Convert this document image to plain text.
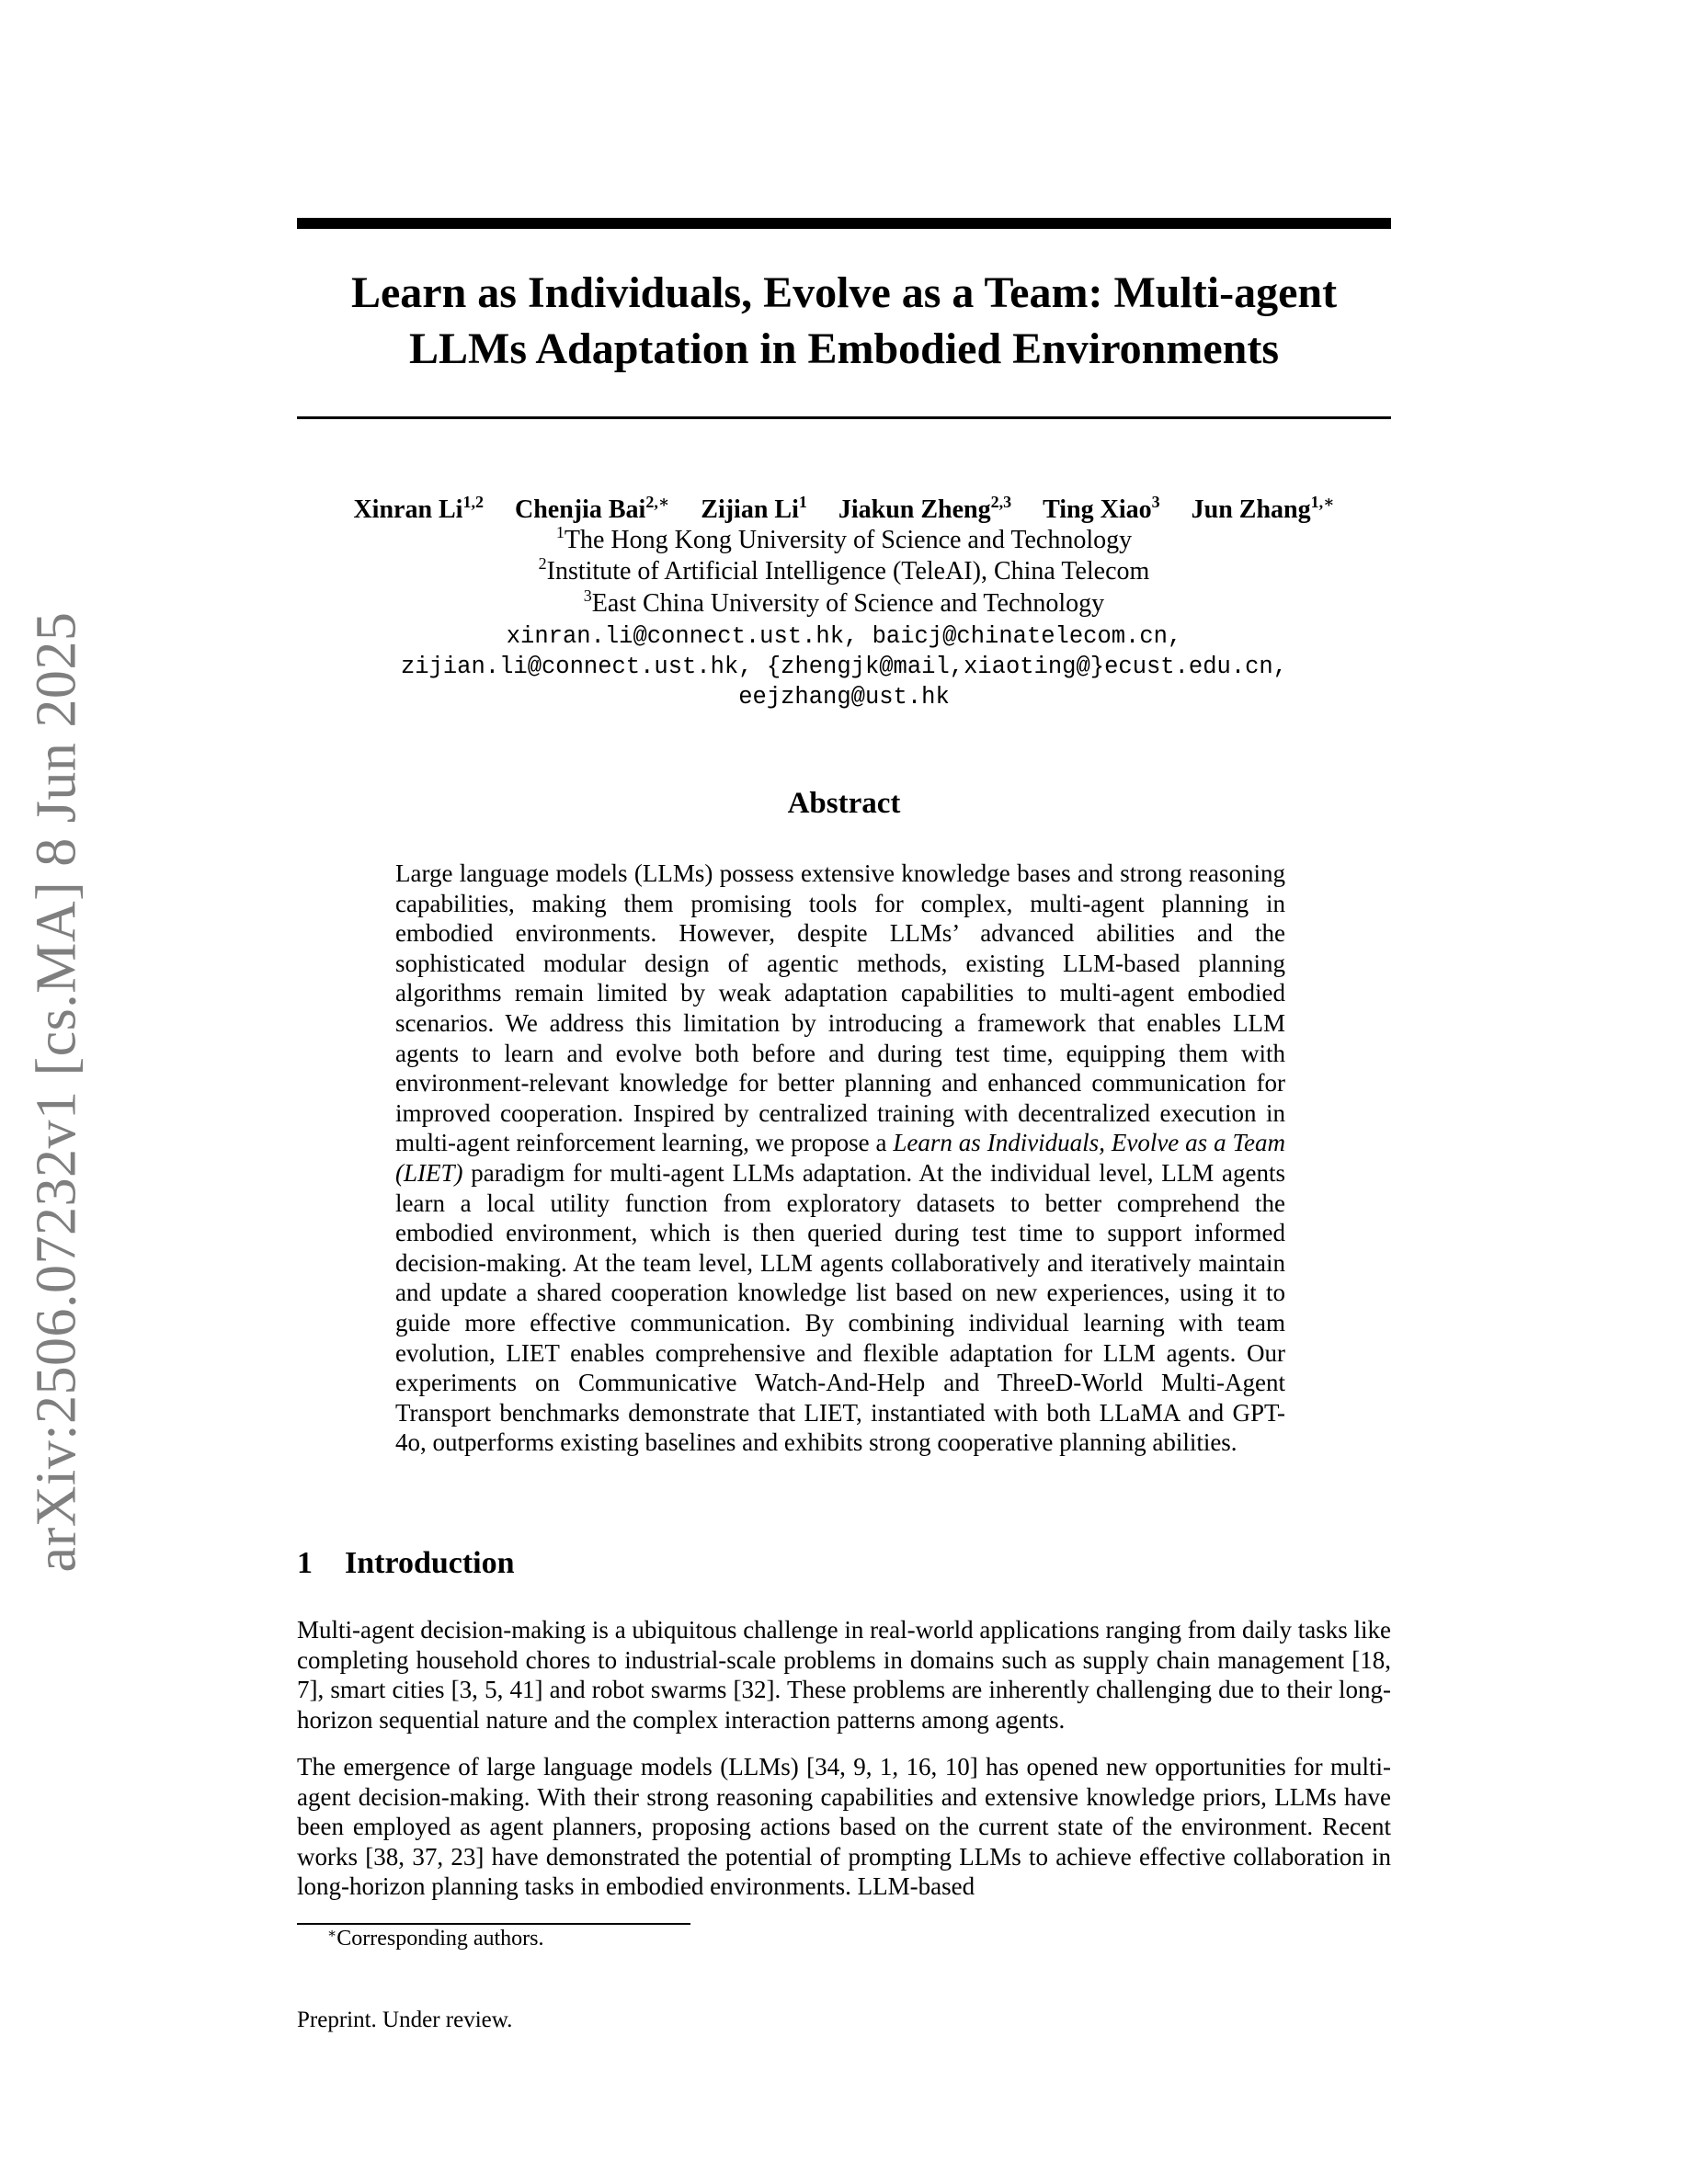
arXiv:2506.07232v1 [cs.MA] 8 Jun 2025
Learn as Individuals, Evolve as a Team: Multi-agent
LLMs Adaptation in Embodied Environments
Xinran Li$^{1,2}$ Chenjia Bai$^{2,∗}$ Zijian Li$^1$ Jiakun Zheng$^{2,3}$ Ting Xiao$^3$ Jun Zhang$^{1,∗}$
$^1$The Hong Kong University of Science and Technology
$^2$Institute of Artificial Intelligence (TeleAI), China Telecom
$^3$East China University of Science and Technology
xinran.li@connect.ust.hk, baicj@chinatelecom.cn,
zijian.li@connect.ust.hk, {zhengjk@mail,xiaoting@}ecust.edu.cn,
eejzhang@ust.hk
Abstract
Large language models (LLMs) possess extensive knowledge bases and strong reasoning capabilities, making them promising tools for complex, multi-agent planning in embodied environments. However, despite LLMs’ advanced abilities and the sophisticated modular design of agentic methods, existing LLM-based planning algorithms remain limited by weak adaptation capabilities to multi-agent embodied scenarios. We address this limitation by introducing a framework that enables LLM agents to learn and evolve both before and during test time, equipping them with environment-relevant knowledge for better planning and enhanced communication for improved cooperation. Inspired by centralized training with decentralized execution in multi-agent reinforcement learning, we propose a Learn as Individuals, Evolve as a Team (LIET) paradigm for multi-agent LLMs adaptation. At the individual level, LLM agents learn a local utility function from exploratory datasets to better comprehend the embodied environment, which is then queried during test time to support informed decision-making. At the team level, LLM agents collaboratively and iteratively maintain and update a shared cooperation knowledge list based on new experiences, using it to guide more effective communication. By combining individual learning with team evolution, LIET enables comprehensive and flexible adaptation for LLM agents. Our experiments on Communicative Watch-And-Help and ThreeD-World Multi-Agent Transport benchmarks demonstrate that LIET, instantiated with both LLaMA and GPT-4o, outperforms existing baselines and exhibits strong cooperative planning abilities.
1 Introduction
Multi-agent decision-making is a ubiquitous challenge in real-world applications ranging from daily tasks like completing household chores to industrial-scale problems in domains such as supply chain management [18, 7], smart cities [3, 5, 41] and robot swarms [32]. These problems are inherently challenging due to their long-horizon sequential nature and the complex interaction patterns among agents.
The emergence of large language models (LLMs) [34, 9, 1, 16, 10] has opened new opportunities for multi-agent decision-making. With their strong reasoning capabilities and extensive knowledge priors, LLMs have been employed as agent planners, proposing actions based on the current state of the environment. Recent works [38, 37, 23] have demonstrated the potential of prompting LLMs to achieve effective collaboration in long-horizon planning tasks in embodied environments. LLM-based
∗Corresponding authors.
Preprint. Under review.
